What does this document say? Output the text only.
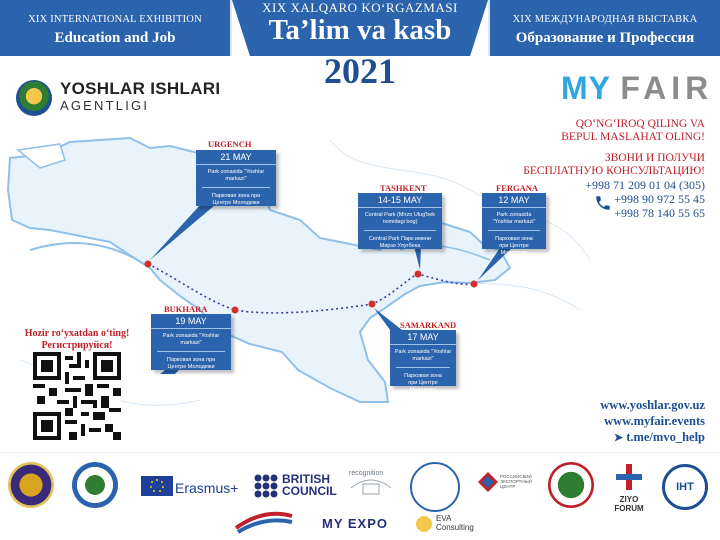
XIX INTERNATIONAL EXHIBITION
Education and Job
XIX XALQARO KO‘RGAZMASI
Ta’lim va kasb	XIX МЕЖДУНАРОДНАЯ ВЫСТАВКА
Образование и Профессия
2021
YOSHLAR ISHLARI
AGENTLIGI	MY FAIR
QO‘NG‘IROQ QILING VA
BEPUL MASLAHAT OLING!
ЗВОНИ И ПОЛУЧИ
БЕСПЛАТНУЮ КОНСУЛЬТАЦИЮ!
+998 71 209 01 04 (305)
+998 90 972 55 45
+998 78 140 55 65
URGENCH
21 MAY
Park zonasida "Yoshlar markazi"
Парковая зона при Центре Молодежи
BUKHARA
19 MAY
Park zonasida "Yoshlar markazi"
Парковая зона при Центре Молодежи
TASHKENT
14-15 MAY
Central Park (Mirzo Ulug'bek nomidagi bog)
Central Park Парк имени Мирзо Улугбека
FERGANA
12 MAY
Park zonasida "Yoshlar markazi"
Парковая зона при Центре Молодежи
SAMARKAND
17 MAY
Park zonasida "Yoshlar markazi"
Парковая зона при Центре Молодежи
Hozir ro‘yxatdan o‘ting!
Регистрируйся!
www.yoshlar.gov.uz
www.myfair.events
➤ t.me/mvo_help
Erasmus+
BRITISH
COUNCIL
recognition	РОССИЙСКИЙ ЭКСПОРТНЫЙ ЦЕНТР
ZIYO
FORUM
IHT
MY EXPO	EVA
Consulting
